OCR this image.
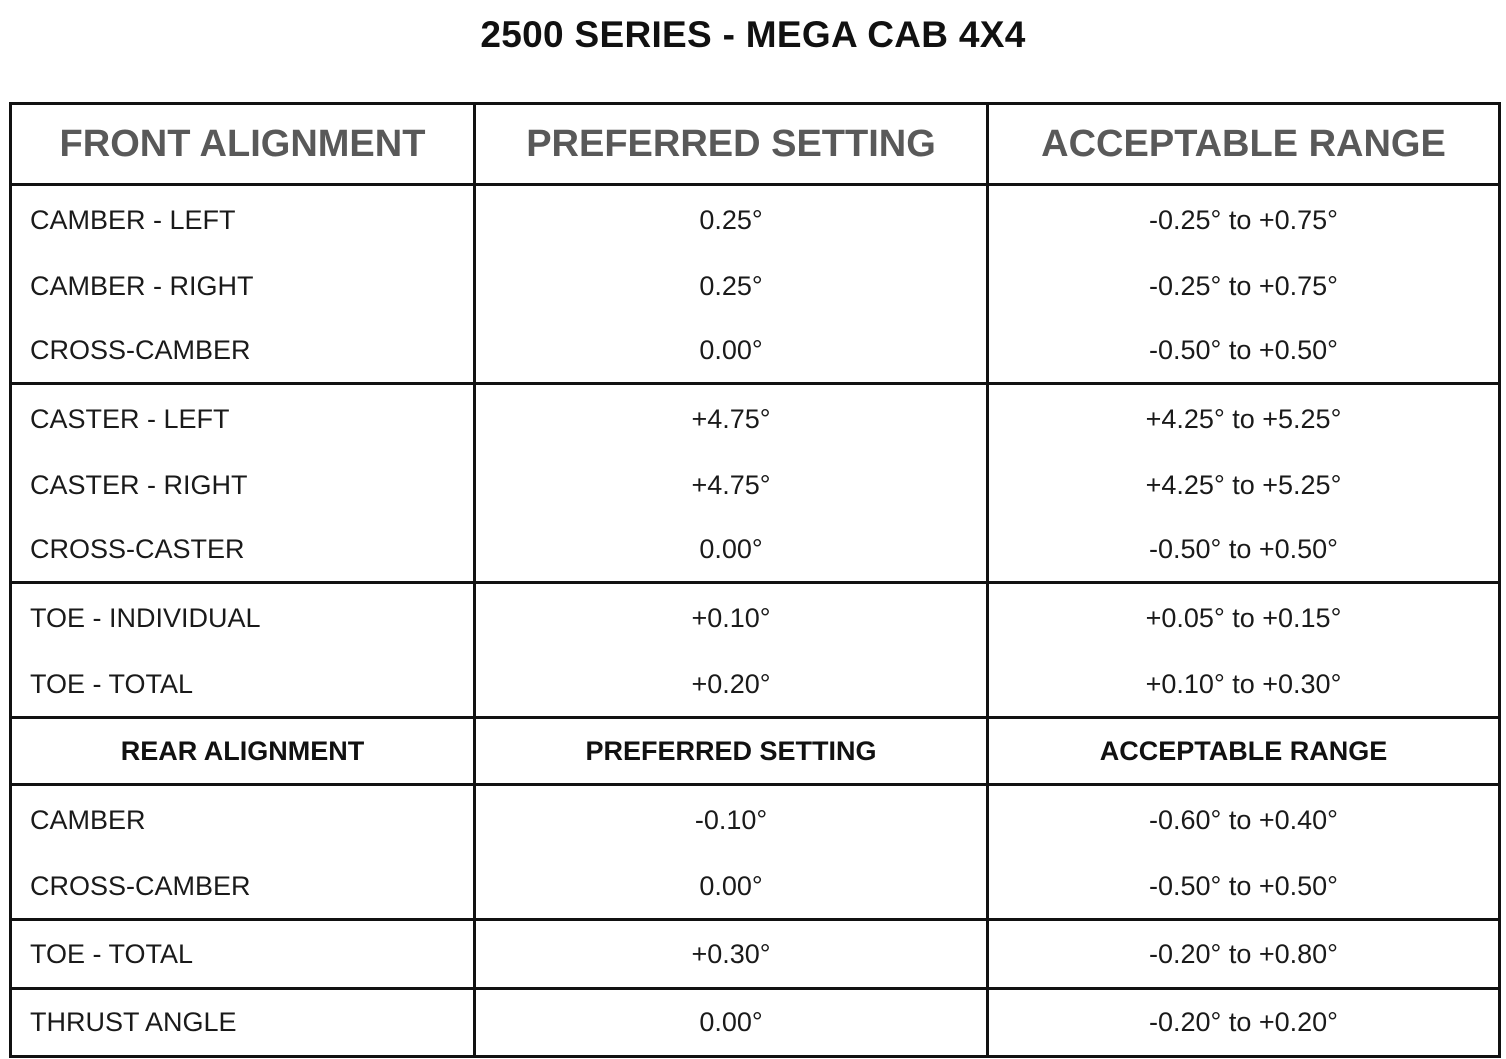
2500 SERIES - MEGA CAB 4X4
FRONT ALIGNMENT	PREFERRED SETTING	ACCEPTABLE RANGE
CAMBER - LEFT	0.25°	-0.25° to +0.75°
CAMBER - RIGHT	0.25°	-0.25° to +0.75°
CROSS-CAMBER	0.00°	-0.50° to +0.50°
CASTER - LEFT	+4.75°	+4.25° to +5.25°
CASTER - RIGHT	+4.75°	+4.25° to +5.25°
CROSS-CASTER	0.00°	-0.50° to +0.50°
TOE - INDIVIDUAL	+0.10°	+0.05° to +0.15°
TOE - TOTAL	+0.20°	+0.10° to +0.30°
REAR ALIGNMENT	PREFERRED SETTING	ACCEPTABLE RANGE
CAMBER	-0.10°	-0.60° to +0.40°
CROSS-CAMBER	0.00°	-0.50° to +0.50°
TOE - TOTAL	+0.30°	-0.20° to +0.80°
THRUST ANGLE	0.00°	-0.20° to +0.20°
